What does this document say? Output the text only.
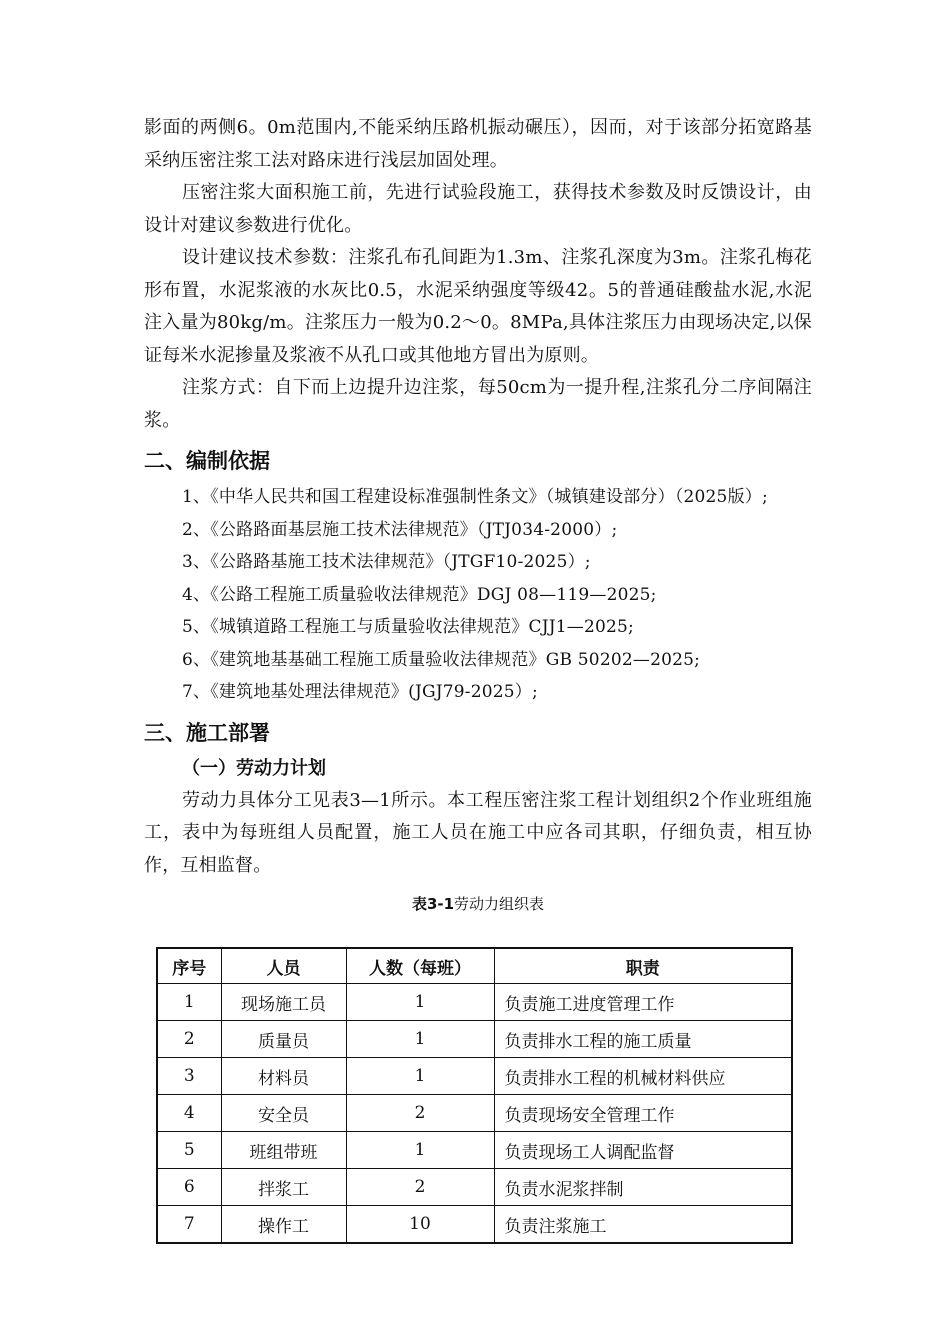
影面的两侧6。0m范围内,不能采纳压路机振动碾压），因而，对于该部分拓宽路基采纳压密注浆工法对路床进行浅层加固处理。

压密注浆大面积施工前，先进行试验段施工，获得技术参数及时反馈设计，由设计对建议参数进行优化。

设计建议技术参数：注浆孔布孔间距为1.3m、注浆孔深度为3m。注浆孔梅花形布置，水泥浆液的水灰比0.5，水泥采纳强度等级42。5的普通硅酸盐水泥,水泥注入量为80kg/m。注浆压力一般为0.2～0。8MPa,具体注浆压力由现场决定,以保证每米水泥掺量及浆液不从孔口或其他地方冒出为原则。

注浆方式：自下而上边提升边注浆，每50cm为一提升程,注浆孔分二序间隔注浆。

二、编制依据

1、《中华人民共和国工程建设标准强制性条文》（城镇建设部分）（2025版）;

2、《公路路面基层施工技术法律规范》（JTJ034-2000）;

3、《公路路基施工技术法律规范》（JTGF10-2025）;

4、《公路工程施工质量验收法律规范》DGJ 08—119—2025;

5、《城镇道路工程施工与质量验收法律规范》CJJ1—2025;

6、《建筑地基基础工程施工质量验收法律规范》GB 50202—2025;

7、《建筑地基处理法律规范》(JGJ79-2025）;

三、施工部署
（一）劳动力计划

劳动力具体分工见表3—1所示。本工程压密注浆工程计划组织2个作业班组施工，表中为每班组人员配置，施工人员在施工中应各司其职，仔细负责，相互协作，互相监督。

表3-1劳动力组织表
序号	人员	人数（每班）	职责
1	现场施工员	1	负责施工进度管理工作
2	质量员	1	负责排水工程的施工质量
3	材料员	1	负责排水工程的机械材料供应
4	安全员	2	负责现场安全管理工作
5	班组带班	1	负责现场工人调配监督
6	拌浆工	2	负责水泥浆拌制
7	操作工	10	负责注浆施工
